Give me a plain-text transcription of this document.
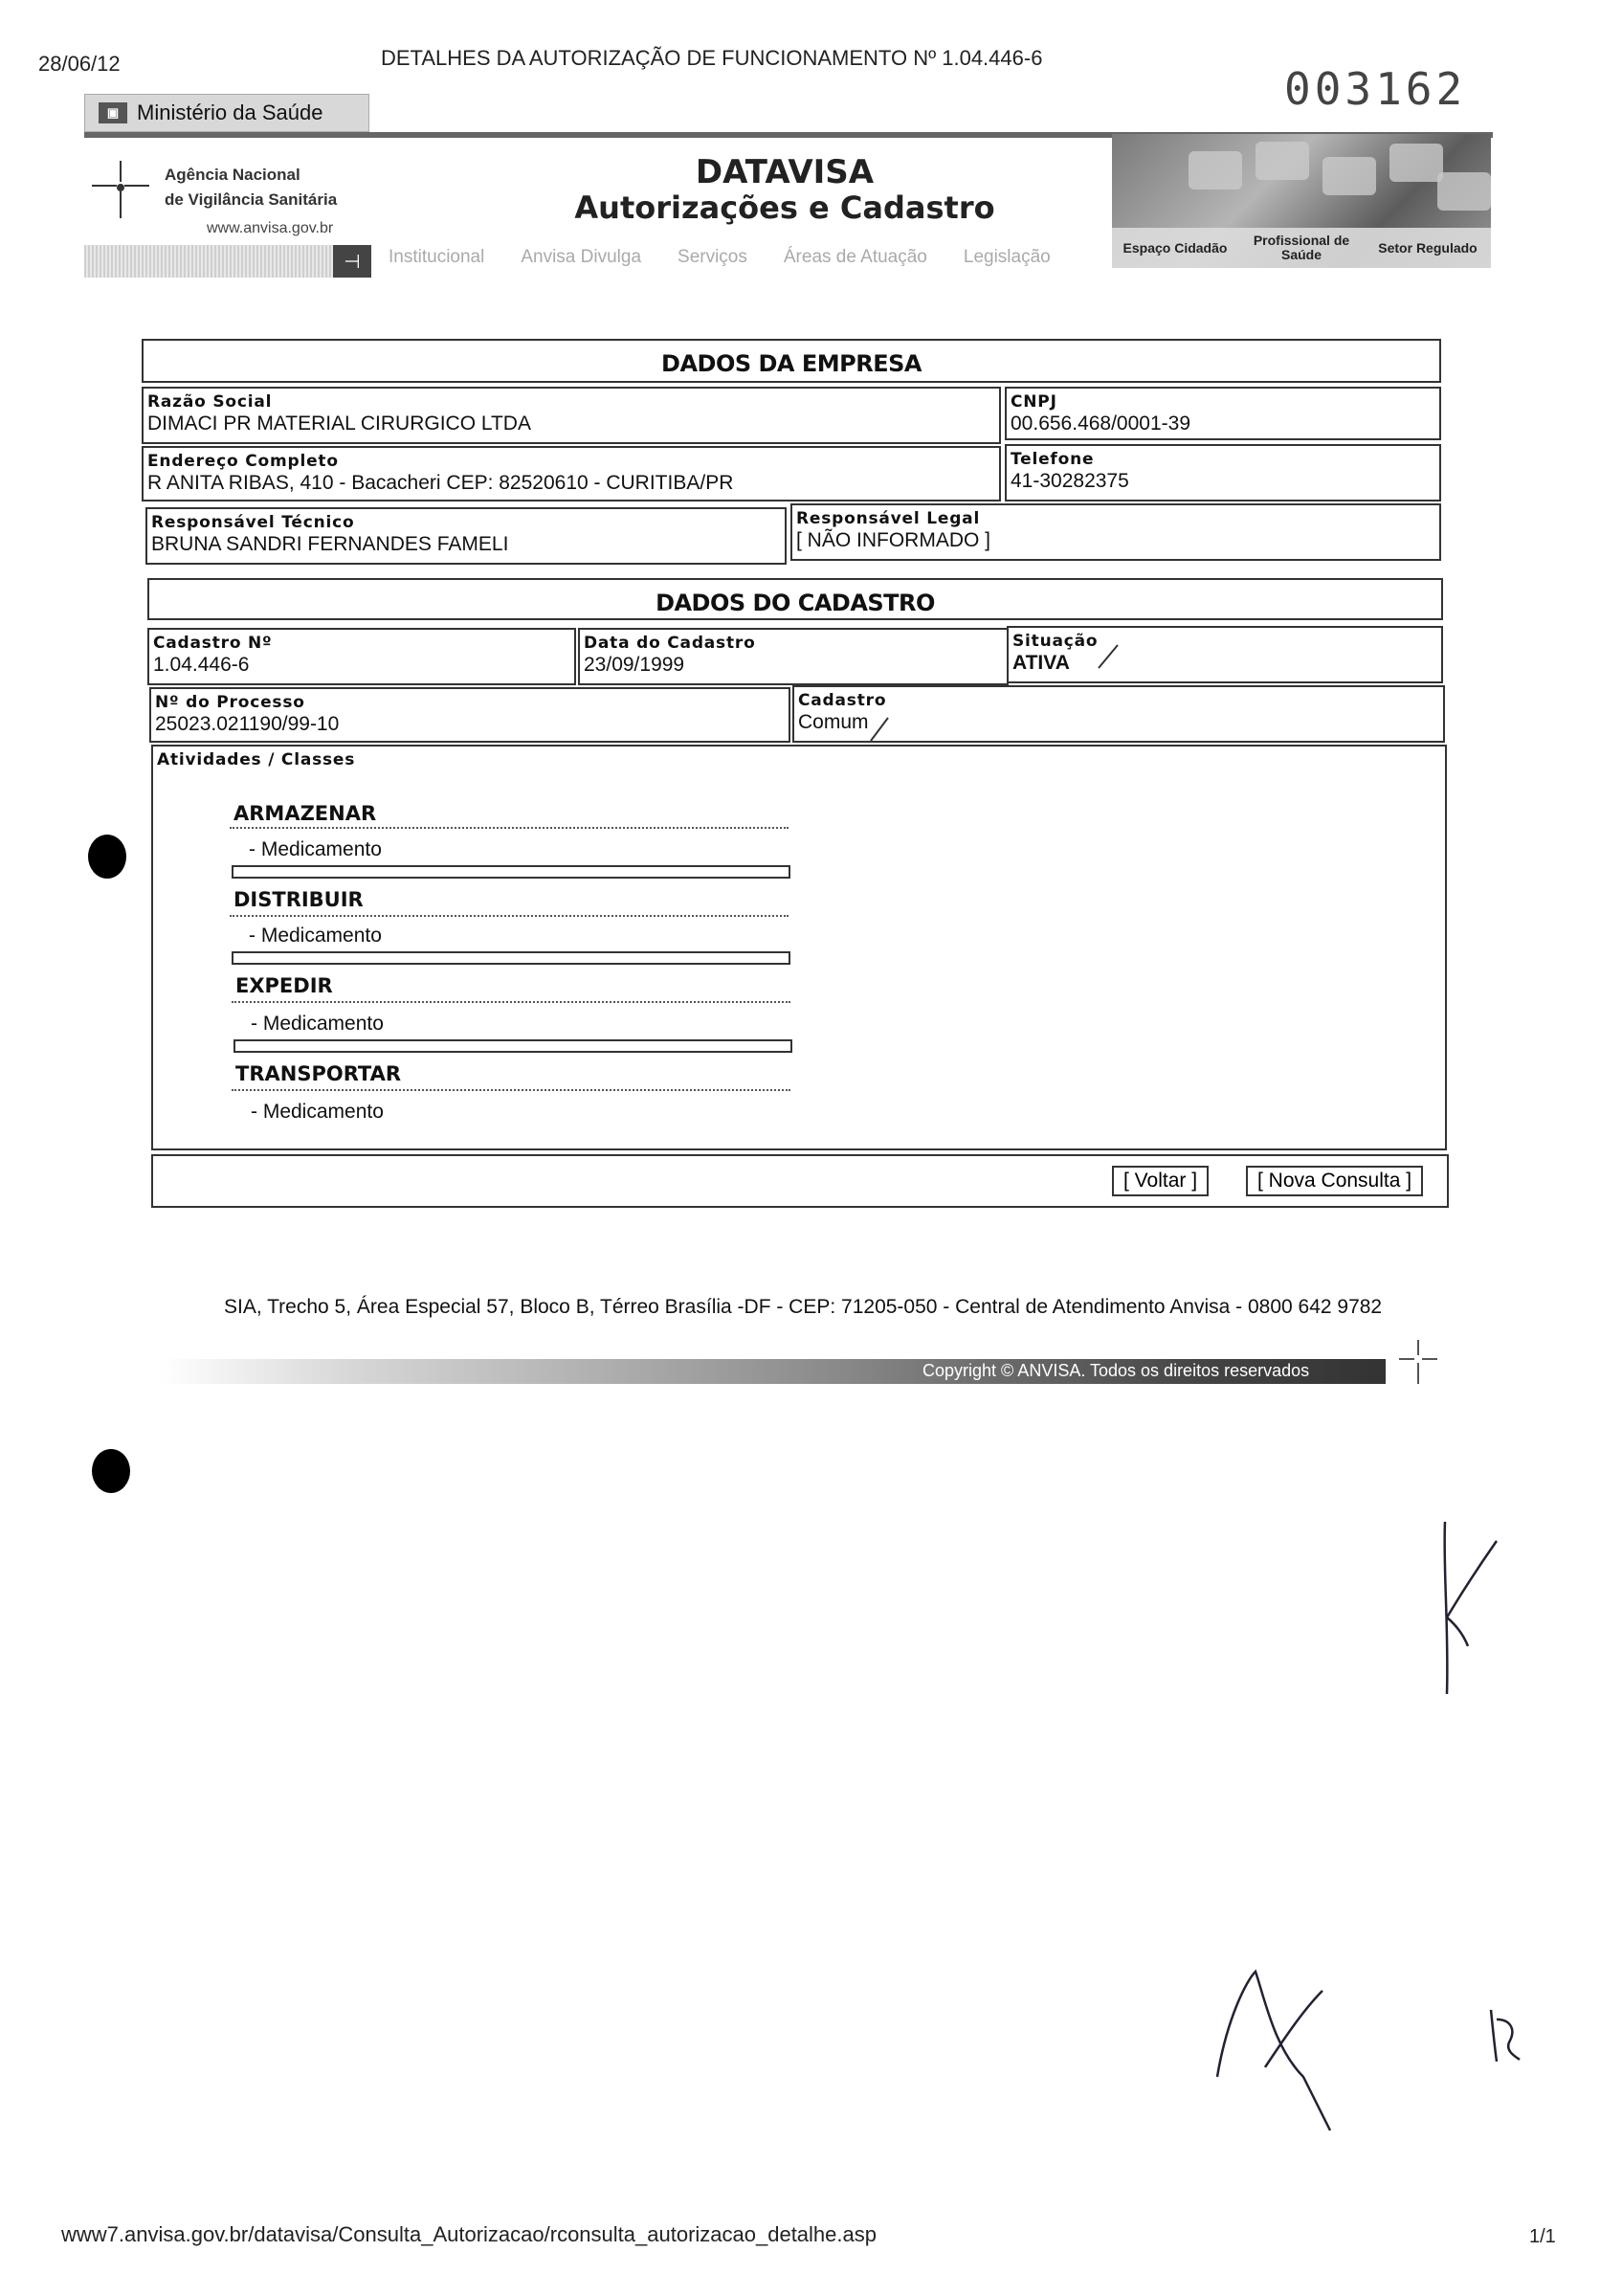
28/06/12	DETALHES DA AUTORIZAÇÃO DE FUNCIONAMENTO Nº 1.04.446-6
003162
▣ Ministério da Saúde
Agência Nacional
de Vigilância Sanitária
www.anvisa.gov.br
DATAVISA
Autorizações e Cadastro
⊣	Institucional Anvisa Divulga Serviços Áreas de Atuação Legislação	Espaço Cidadão	Profissional de Saúde	Setor Regulado
DADOS DA EMPRESA
Razão Social
DIMACI PR MATERIAL CIRURGICO LTDA
CNPJ
00.656.468/0001-39
Endereço Completo
R ANITA RIBAS, 410 - Bacacheri CEP: 82520610 - CURITIBA/PR
Telefone
41-30282375
Responsável Técnico
BRUNA SANDRI FERNANDES FAMELI
Responsável Legal
[ NÃO INFORMADO ]
DADOS DO CADASTRO
Cadastro Nº
1.04.446-6
Data do Cadastro
23/09/1999
Situação
ATIVA
Nº do Processo
25023.021190/99-10
Cadastro
Comum
Atividades / Classes
ARMAZENAR
- Medicamento
DISTRIBUIR
- Medicamento
EXPEDIR
- Medicamento
TRANSPORTAR
- Medicamento
[ Voltar ]	[ Nova Consulta ]
SIA, Trecho 5, Área Especial 57, Bloco B, Térreo Brasília -DF - CEP: 71205-050 - Central de Atendimento Anvisa - 0800 642 9782
Copyright © ANVISA. Todos os direitos reservados
www7.anvisa.gov.br/datavisa/Consulta_Autorizacao/rconsulta_autorizacao_detalhe.asp	1/1
